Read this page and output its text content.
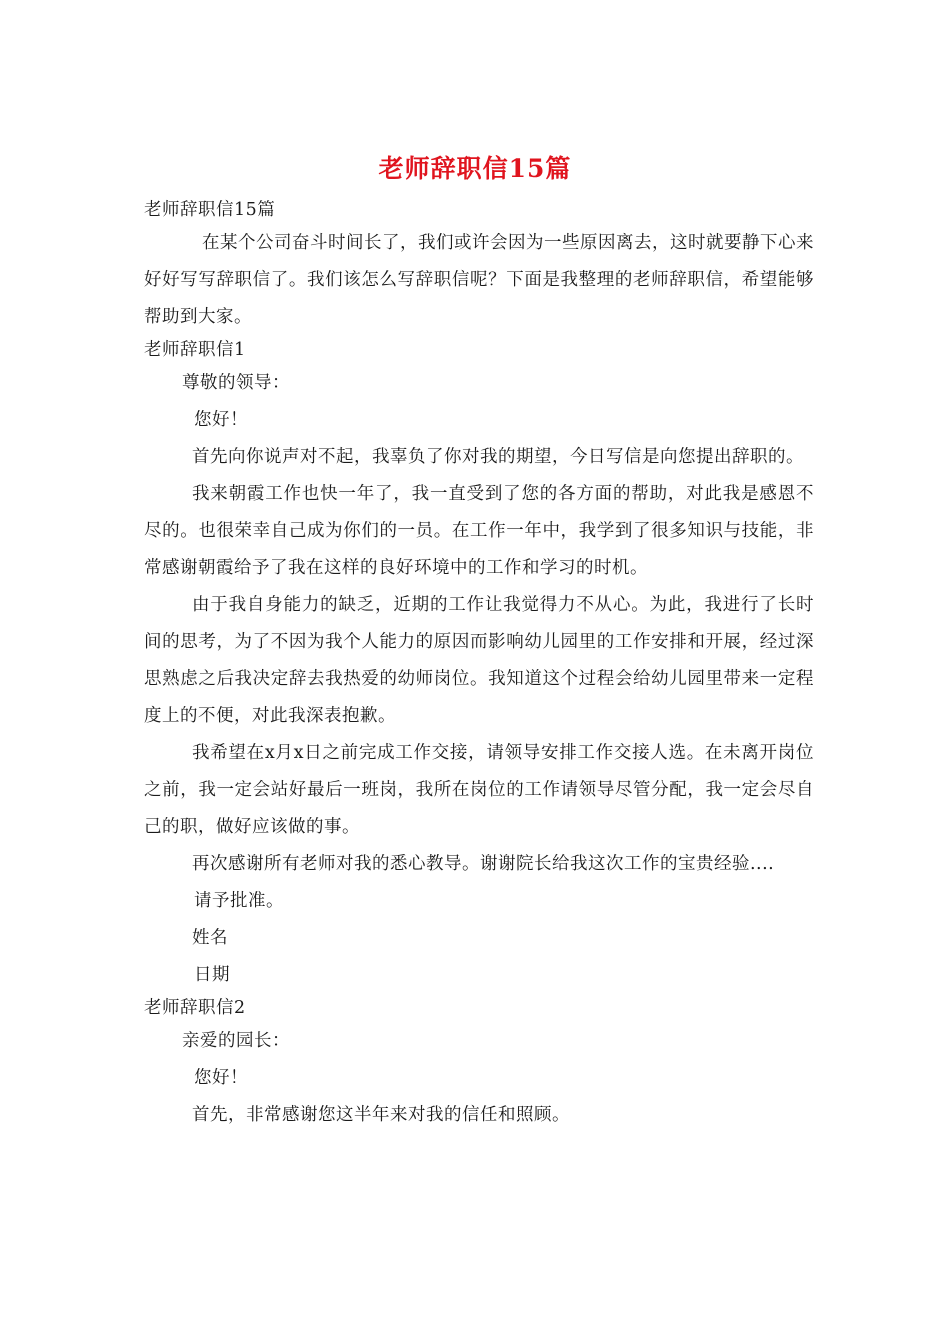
老师辞职信15篇

老师辞职信15篇

在某个公司奋斗时间长了，我们或许会因为一些原因离去，这时就要静下心来好好写写辞职信了。我们该怎么写辞职信呢？下面是我整理的老师辞职信，希望能够帮助到大家。

老师辞职信1

尊敬的领导：

您好！

首先向你说声对不起，我辜负了你对我的期望，今日写信是向您提出辞职的。

我来朝霞工作也快一年了，我一直受到了您的各方面的帮助，对此我是感恩不尽的。也很荣幸自己成为你们的一员。在工作一年中，我学到了很多知识与技能，非常感谢朝霞给予了我在这样的良好环境中的工作和学习的时机。

由于我自身能力的缺乏，近期的工作让我觉得力不从心。为此，我进行了长时间的思考，为了不因为我个人能力的原因而影响幼儿园里的工作安排和开展，经过深思熟虑之后我决定辞去我热爱的幼师岗位。我知道这个过程会给幼儿园里带来一定程度上的不便，对此我深表抱歉。

我希望在x月x日之前完成工作交接，请领导安排工作交接人选。在未离开岗位之前，我一定会站好最后一班岗，我所在岗位的工作请领导尽管分配，我一定会尽自己的职，做好应该做的事。

再次感谢所有老师对我的悉心教导。谢谢院长给我这次工作的宝贵经验....

请予批准。

姓名

日期

老师辞职信2

亲爱的园长：

您好！

首先，非常感谢您这半年来对我的信任和照顾。
